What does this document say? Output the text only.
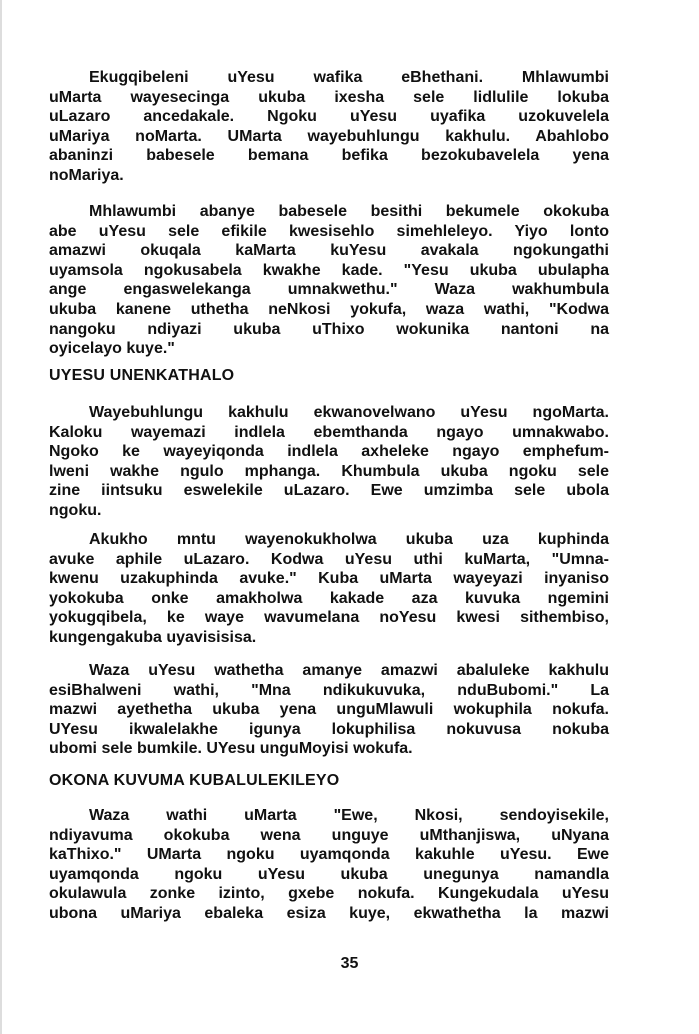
Ekugqibeleni uYesu wafika eBhethani. Mhlawumbi
uMarta wayesecinga ukuba ixesha sele lidlulile lokuba
uLazaro ancedakale. Ngoku uYesu uyafika uzokuvelela
uMariya noMarta. UMarta wayebuhlungu kakhulu. Abahlobo
abaninzi babesele bemana befika bezokubavelela yena
noMariya.
Mhlawumbi abanye babesele besithi bekumele okokuba
abe uYesu sele efikile kwesisehlo simehleleyo. Yiyo lonto
amazwi okuqala kaMarta kuYesu avakala ngokungathi
uyamsola ngokusabela kwakhe kade. "Yesu ukuba ubulapha
ange engaswelekanga umnakwethu." Waza wakhumbula
ukuba kanene uthetha neNkosi yokufa, waza wathi, "Kodwa
nangoku ndiyazi ukuba uThixo wokunika nantoni na
oyicelayo kuye."
UYESU UNENKATHALO
Wayebuhlungu kakhulu ekwanovelwano uYesu ngoMarta.
Kaloku wayemazi indlela ebemthanda ngayo umnakwabo.
Ngoko ke wayeyiqonda indlela axheleke ngayo emphefum-
lweni wakhe ngulo mphanga. Khumbula ukuba ngoku sele
zine iintsuku eswelekile uLazaro. Ewe umzimba sele ubola
ngoku.
Akukho mntu wayenokukholwa ukuba uza kuphinda
avuke aphile uLazaro. Kodwa uYesu uthi kuMarta, "Umna-
kwenu uzakuphinda avuke." Kuba uMarta wayeyazi inyaniso
yokokuba onke amakholwa kakade aza kuvuka ngemini
yokugqibela, ke waye wavumelana noYesu kwesi sithembiso,
kungengakuba uyavisisisa.
Waza uYesu wathetha amanye amazwi abaluleke kakhulu
esiBhalweni wathi, "Mna ndikukuvuka, nduBubomi." La
mazwi ayethetha ukuba yena unguMlawuli wokuphila nokufa.
UYesu ikwalelakhe igunya lokuphilisa nokuvusa nokuba
ubomi sele bumkile. UYesu unguMoyisi wokufa.
OKONA KUVUMA KUBALULEKILEYO
Waza wathi uMarta "Ewe, Nkosi, sendoyisekile,
ndiyavuma okokuba wena unguye uMthanjiswa, uNyana
kaThixo." UMarta ngoku uyamqonda kakuhle uYesu. Ewe
uyamqonda ngoku uYesu ukuba unegunya namandla
okulawula zonke izinto, gxebe nokufa. Kungekudala uYesu
ubona uMariya ebaleka esiza kuye, ekwathetha la mazwi
35
